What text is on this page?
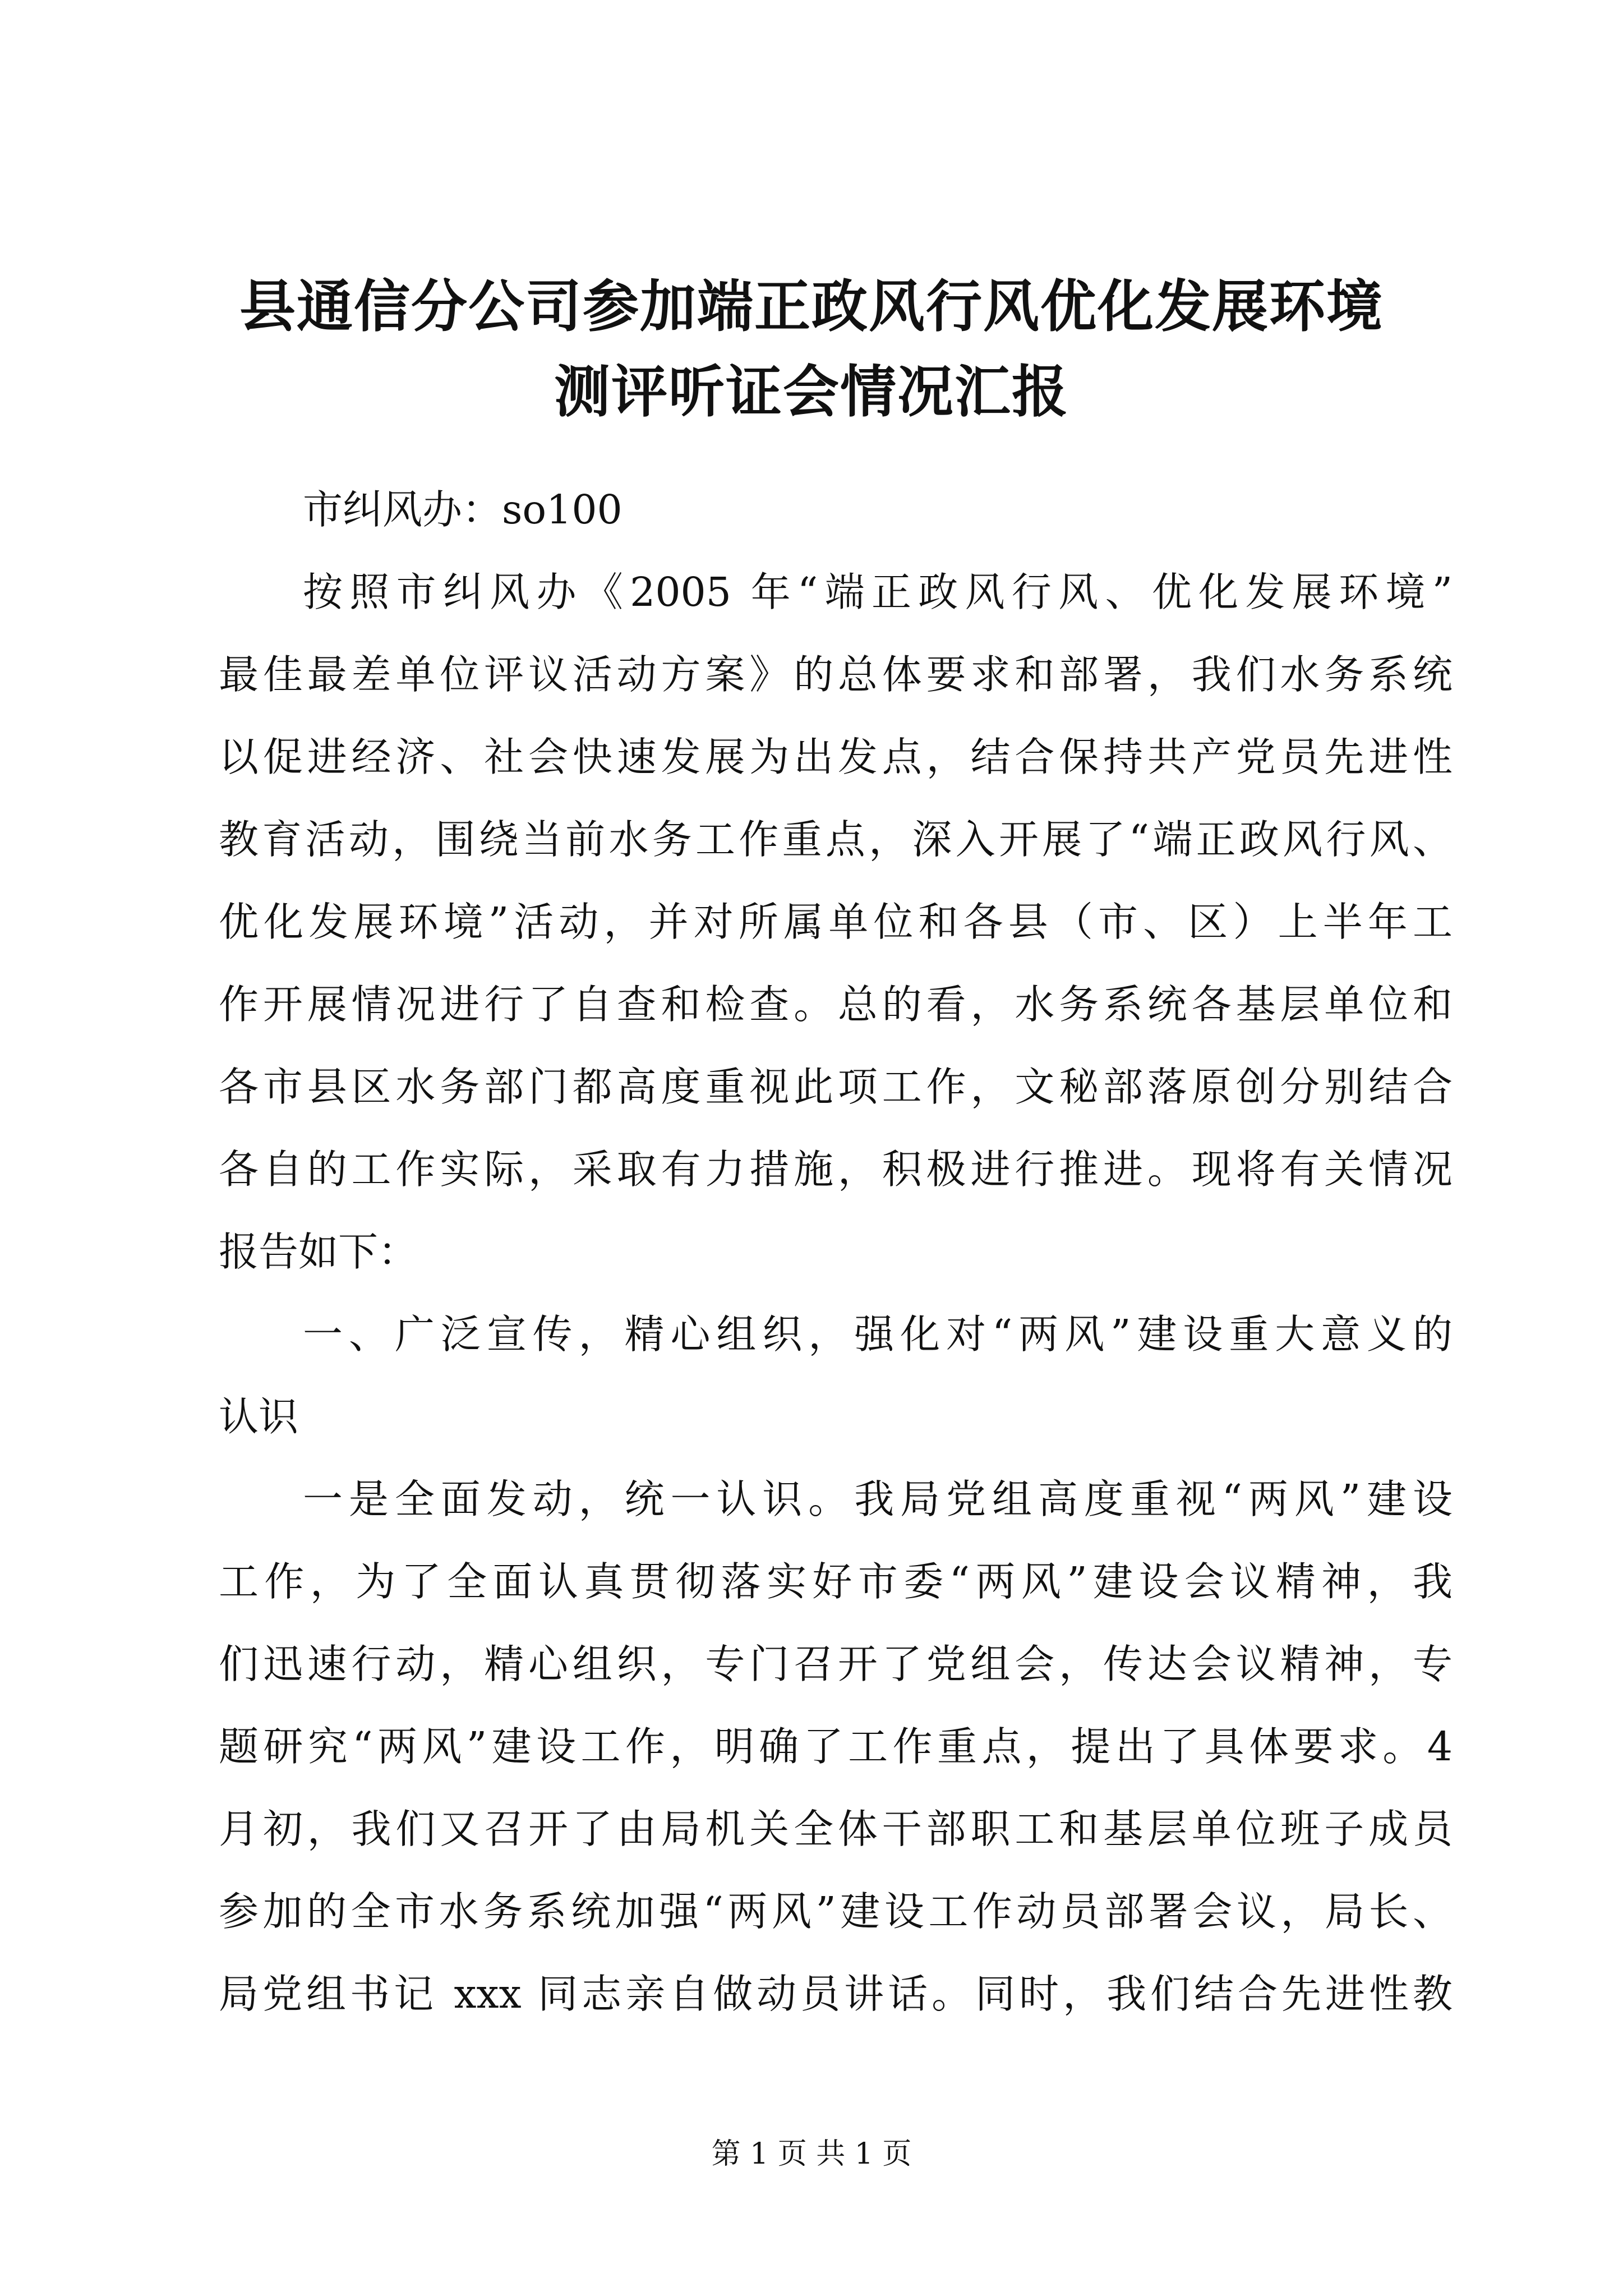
县通信分公司参加端正政风行风优化发展环境
测评听证会情况汇报
市纠风办：so100
按照市纠风办《2005 年“端正政风行风、优化发展环境”
最佳最差单位评议活动方案》的总体要求和部署，我们水务系统
以促进经济、社会快速发展为出发点，结合保持共产党员先进性
教育活动，围绕当前水务工作重点，深入开展了“端正政风行风、
优化发展环境”活动，并对所属单位和各县（市、区）上半年工
作开展情况进行了自查和检查。总的看，水务系统各基层单位和
各市县区水务部门都高度重视此项工作，文秘部落原创分别结合
各自的工作实际，采取有力措施，积极进行推进。现将有关情况
报告如下：
一、广泛宣传，精心组织，强化对“两风”建设重大意义的
认识
一是全面发动，统一认识。我局党组高度重视“两风”建设
工作，为了全面认真贯彻落实好市委“两风”建设会议精神，我
们迅速行动，精心组织，专门召开了党组会，传达会议精神，专
题研究“两风”建设工作，明确了工作重点，提出了具体要求。4
月初，我们又召开了由局机关全体干部职工和基层单位班子成员
参加的全市水务系统加强“两风”建设工作动员部署会议，局长、
局党组书记 xxx 同志亲自做动员讲话。同时，我们结合先进性教
第 1 页 共 1 页
